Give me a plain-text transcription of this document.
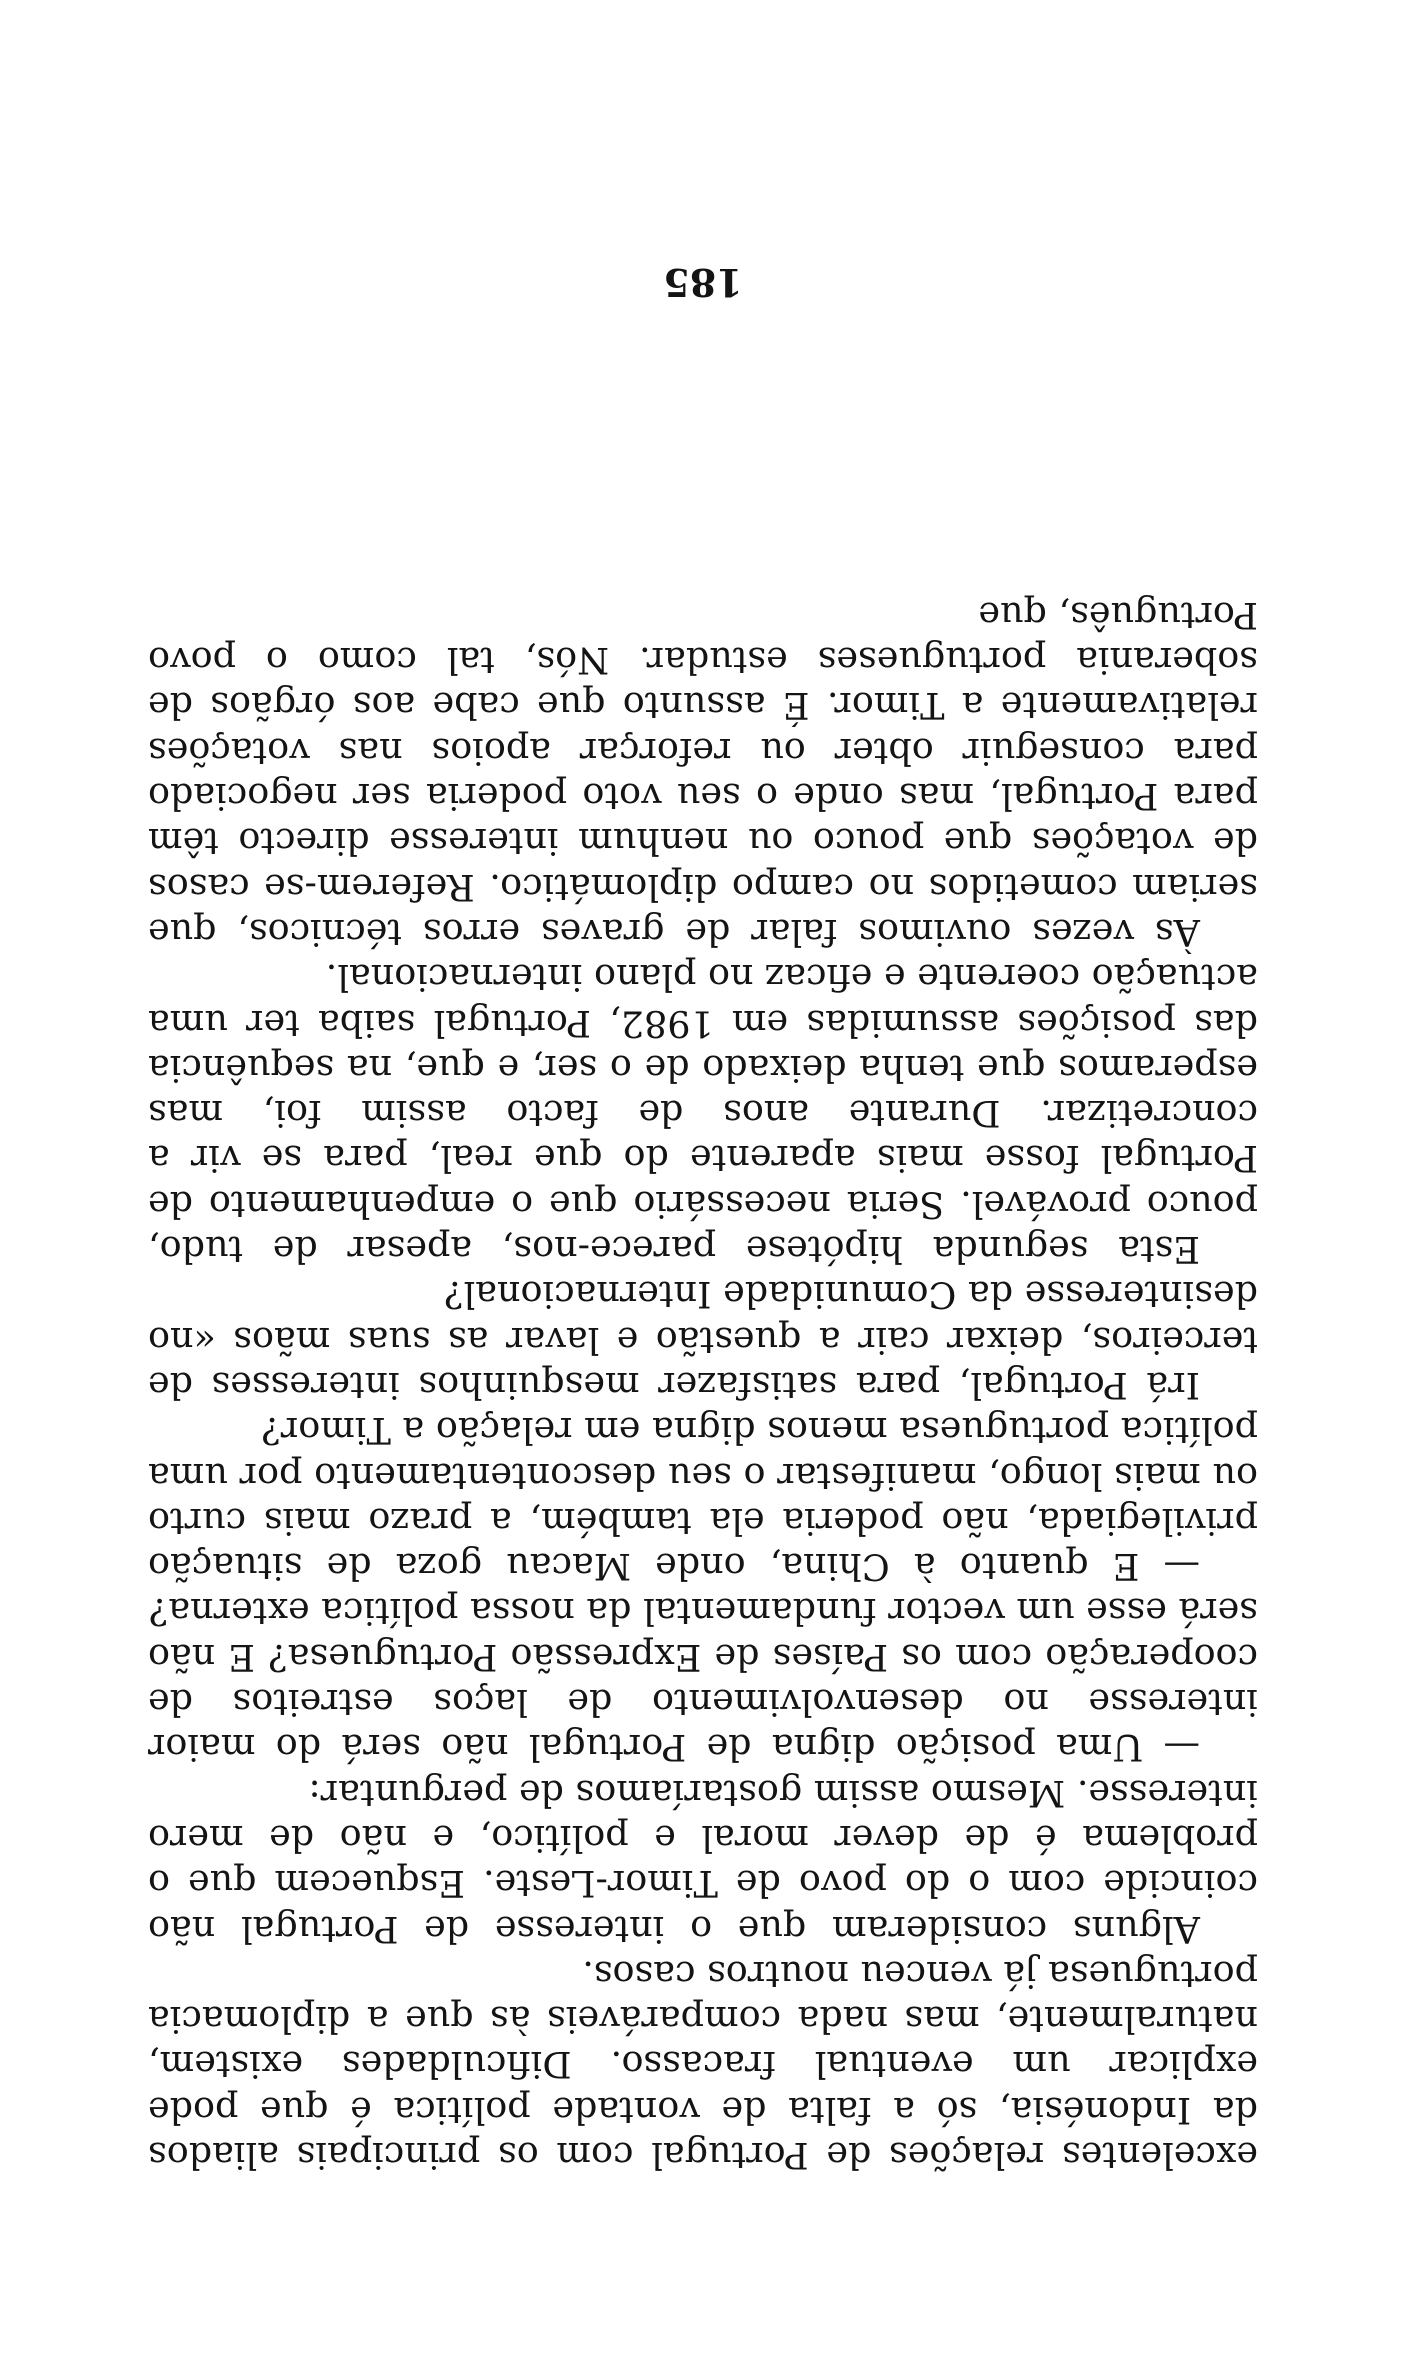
excelentes relações de Portugal com os principais aliados da Indonésia, só a falta de vontade política é que pode explicar um eventual fracasso. Dificuldades existem, naturalmente, mas nada comparáveis às que a diplomacia portuguesa já venceu noutros casos.

Alguns consideram que o interesse de Portugal não coincide com o do povo de Timor-Leste. Esquecem que o problema é de dever moral e político, e não de mero interesse. Mesmo assim gostaríamos de perguntar:

— Uma posição digna de Portugal não será do maior interesse no desenvolvimento de laços estreitos de cooperação com os Países de Expressão Portuguesa? E não será esse um vector fundamental da nossa política externa?

— E quanto à China, onde Macau goza de situação privilegiada, não poderia ela também, a prazo mais curto ou mais longo, manifestar o seu descontentamento por uma política portuguesa menos digna em relação a Timor?

Irá Portugal, para satisfazer mesquinhos interesses de terceiros, deixar cair a questão e lavar as suas mãos «no desinteresse da Comunidade Internacional?

Esta segunda hipótese parece-nos, apesar de tudo, pouco provável. Seria necessário que o empenhamento de Portugal fosse mais aparente do que real, para se vir a concretizar. Durante anos de facto assim foi, mas esperamos que tenha deixado de o ser, e que, na sequência das posições assumidas em 1982, Portugal saiba ter uma actuação coerente e eficaz no plano internacional.

Às vezes ouvimos falar de graves erros técnicos, que seriam cometidos no campo diplomático. Referem-se casos de votações que pouco ou nenhum interesse directo têm para Portugal, mas onde o seu voto poderia ser negociado para conseguir obter ou reforçar apoios nas votações relativamente a Timor. É assunto que cabe aos órgãos de soberania portugueses estudar. Nós, tal como o povo Português, que

185
